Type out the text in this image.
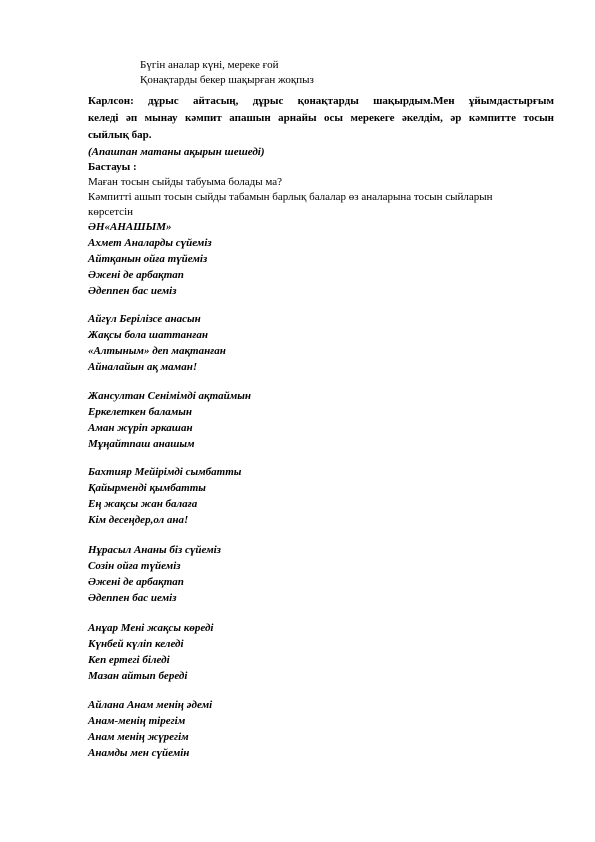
Бүгін аналар күні, мереке ғой
Қонақтарды бекер шақырған жоқпыз
Карлсон: дұрыс айтасың, дұрыс қонақтарды шақырдым.Мен ұйымдастырғым
келеді әп мынау кәмпит апашын арнайы осы мерекеге әкелдім, әр кәмпитте тосын
сыйлық бар.
(Апашпан матаны ақырын шешеді)
Бастауы :
Маған тосын сыйды табуыма болады ма?
Кәмпитті ашып тосын сыйды табамын барлық балалар өз аналарына тосын сыйларын
көрсетсін
ӘН«АНАШЫМ»
Ахмет Аналарды сүйеміз
Айтқанын ойға түйеміз
Әжені де арбақтап
Әдеппен бас иеміз
Айгүл Берілізсе анасын
Жақсы бола шаттанған
«Алтыным» деп мақтанған
Айналайын ақ маман!
Жансултан Сенімімді ақтаймын
Еркелеткен баламын
Аман жүріп әркашан
Мұңайтпаш анашым
Бахтияр Мейірімді сымбатты
Қайырменді қымбатты
Ең жақсы жан балаға
Кім десеңдер,ол ана!
Нұрасыл Ананы біз сүйеміз
Созін ойға түйеміз
Әжені де арбақтап
Әдеппен бас иеміз
Анұар Мені жақсы көреді
Күнбей күліп келеді
Кеп ертегі біледі
Мазан айтып береді
Айлана Анам менің әдемі
Анам-менің тірегім
Анам менің жүрегім
Анамды мен сүйемін
